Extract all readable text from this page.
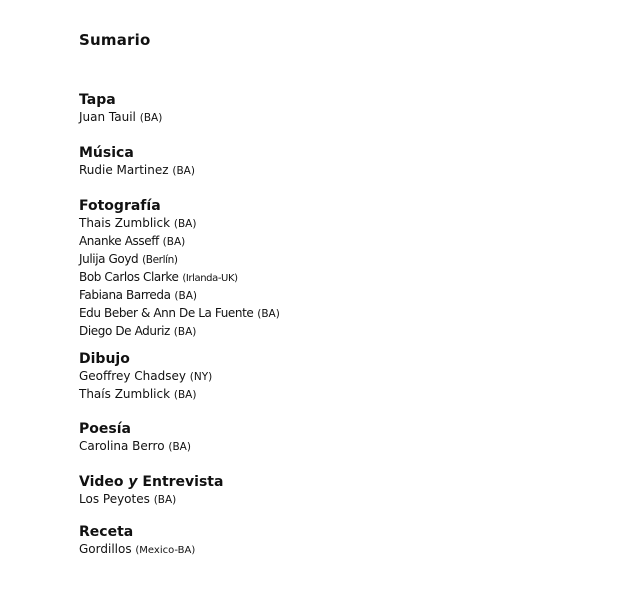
Sumario
Tapa

Juan Tauil (BA)

Música

Rudie Martinez (BA)

Fotografía

Thais Zumblick (BA)

Ananke Asseff (BA)

Julija Goyd (Berlín)

Bob Carlos Clarke (Irlanda-UK)

Fabiana Barreda (BA)

Edu Beber & Ann De La Fuente (BA)

Diego De Aduriz (BA)

Dibujo

Geoffrey Chadsey (NY)

Thaís Zumblick (BA)

Poesía

Carolina Berro (BA)

Video y Entrevista

Los Peyotes (BA)

Receta

Gordillos (Mexico-BA)
